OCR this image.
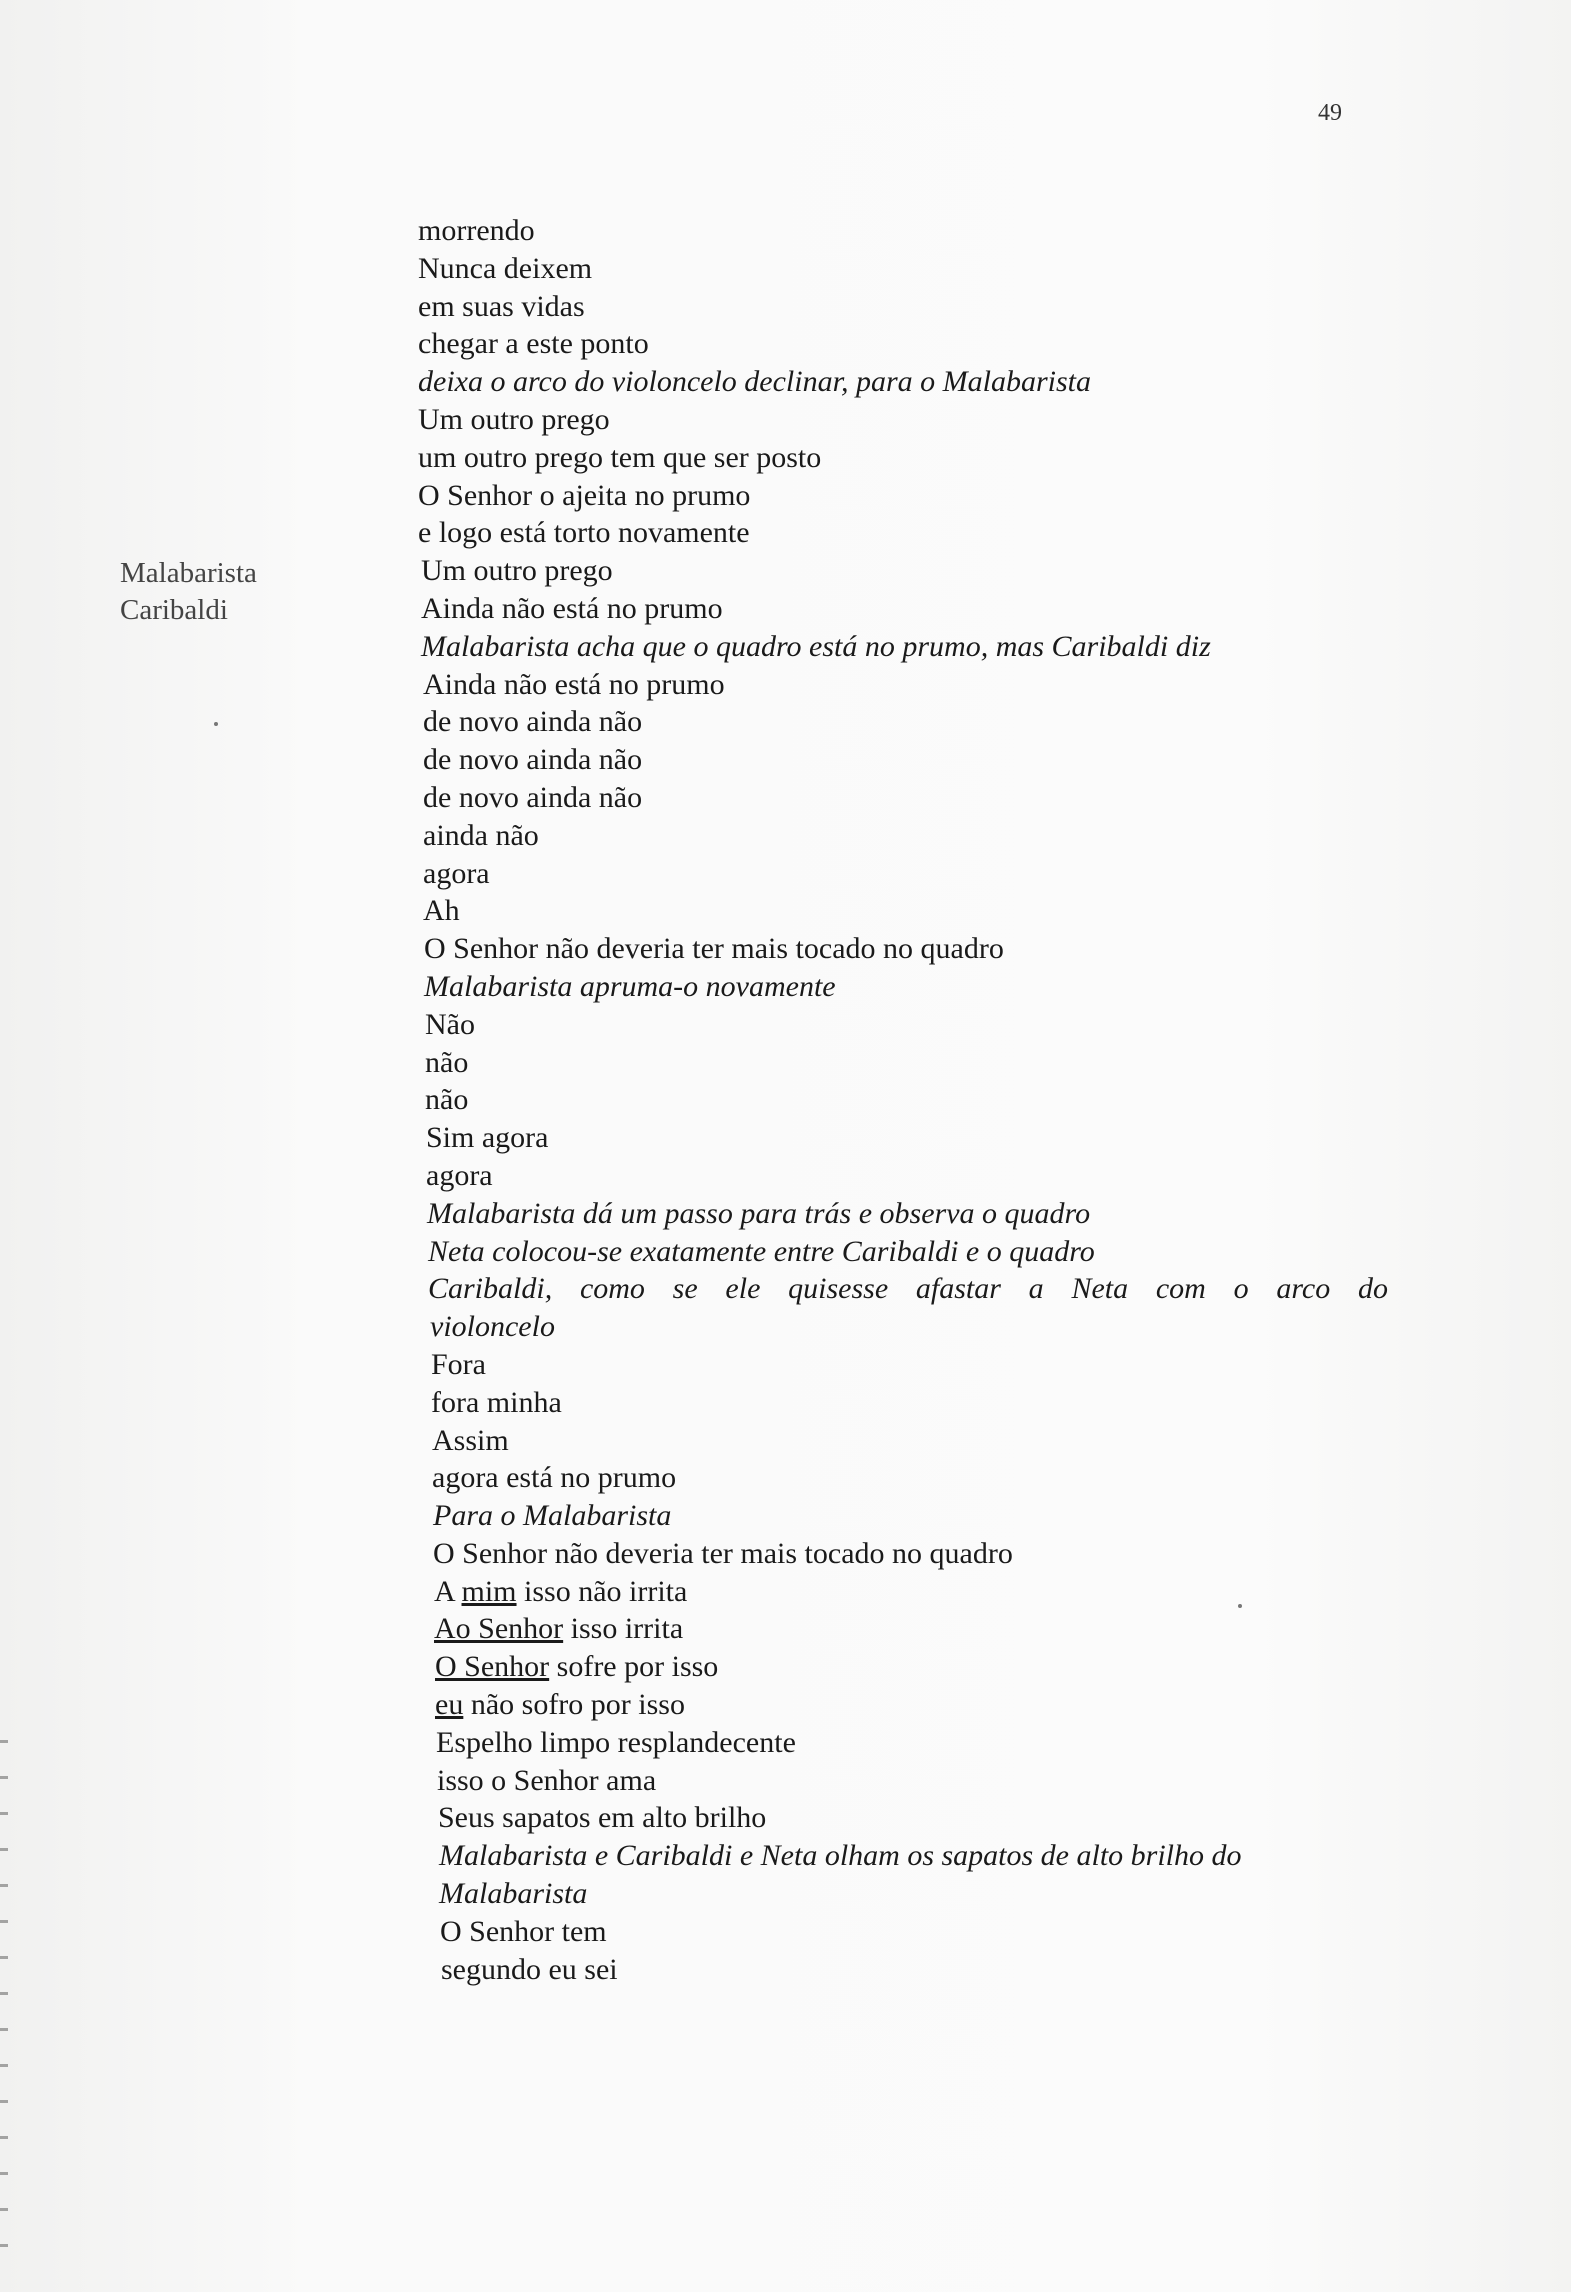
49
Malabarista
Caribaldi
morrendo
Nunca deixem
em suas vidas
chegar a este ponto
deixa o arco do violoncelo declinar, para o Malabarista
Um outro prego
um outro prego tem que ser posto
O Senhor o ajeita no prumo
e logo está torto novamente
Um outro prego
Ainda não está no prumo
Malabarista acha que o quadro está no prumo, mas Caribaldi diz
Ainda não está no prumo
de novo ainda não
de novo ainda não
de novo ainda não
ainda não
agora
Ah
O Senhor não deveria ter mais tocado no quadro
Malabarista apruma-o novamente
Não
não
não
Sim agora
agora
Malabarista dá um passo para trás e observa o quadro
Neta colocou-se exatamente entre Caribaldi e o quadro
Caribaldi, como se ele quisesse afastar a Neta com o arco do
violoncelo
Fora
fora minha
Assim
agora está no prumo
Para o Malabarista
O Senhor não deveria ter mais tocado no quadro
A mim isso não irrita
Ao Senhor isso irrita
O Senhor sofre por isso
eu não sofro por isso
Espelho limpo resplandecente
isso o Senhor ama
Seus sapatos em alto brilho
Malabarista e Caribaldi e Neta olham os sapatos de alto brilho do
Malabarista
O Senhor tem
segundo eu sei
